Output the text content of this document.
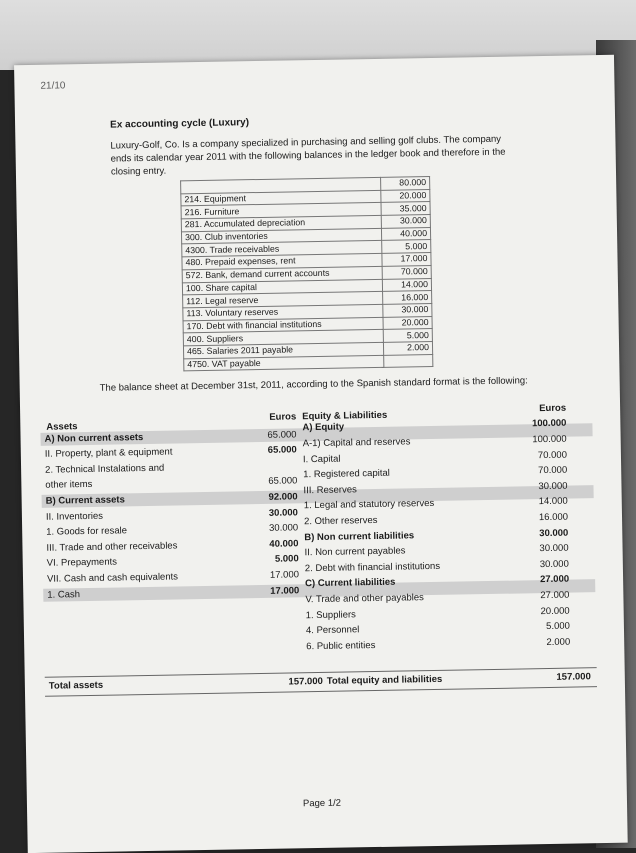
21/10
Ex accounting cycle (Luxury)
Luxury-Golf, Co. Is a company specialized in purchasing and selling golf clubs. The company ends its calendar year 2011 with the following balances in the ledger book and therefore in the closing entry.
	80.000
214. Equipment	20.000
216. Furniture	35.000
281. Accumulated depreciation	30.000
300. Club inventories	40.000
4300. Trade receivables	5.000
480. Prepaid expenses, rent	17.000
572. Bank, demand current accounts	70.000
100. Share capital	14.000
112. Legal reserve	16.000
113. Voluntary reserves	30.000
170. Debt with financial institutions	20.000
400. Suppliers	5.000
465. Salaries 2011 payable	2.000
4750. VAT payable	
The balance sheet at December 31st, 2011, according to the Spanish standard format is the following:
Assets
Euros Equity & Liabilities
Euros
A) Non current assets	65.000
II. Property, plant & equipment	65.000
2. Technical Instalations and
other items	65.000
B) Current assets	92.000
II. Inventories	30.000
1. Goods for resale	30.000
III. Trade and other receivables	40.000
VI. Prepayments	5.000
VII. Cash and cash equivalents	17.000
1. Cash	17.000
A) Equity	100.000
A-1) Capital and reserves	100.000
I. Capital	70.000
1. Registered capital	70.000
III. Reserves	30.000
1. Legal and statutory reserves	14.000
2. Other reserves	16.000
B) Non current liabilities	30.000
II. Non current payables	30.000
2. Debt with financial institutions	30.000
C) Current liabilities	27.000
V. Trade and other payables	27.000
1. Suppliers	20.000
4. Personnel	5.000
6. Public entities	2.000
Total assets	157.000 Total equity and liabilities	157.000
Page 1/2
